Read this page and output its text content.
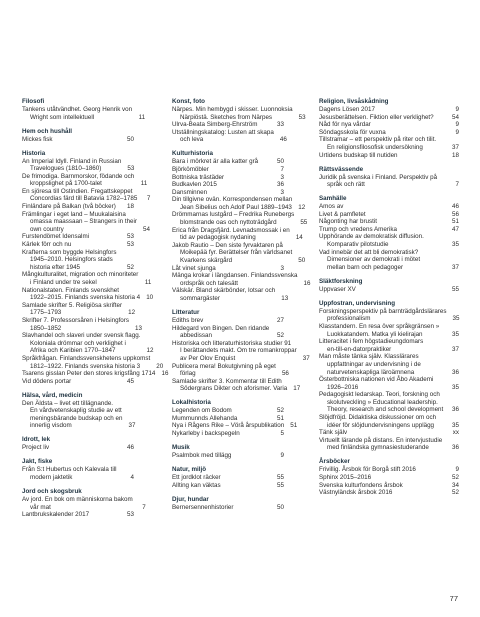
Filosofi
Tankens utåtvändhet. Georg Henrik von
Wright som intellektuell	11
Hem och hushåll
Mickes fisk	50
Historia
An Imperial Idyll. Finland in Russian
Travelogues (1810–1860)	53
De frimodiga. Barnmorskor, födande och
kroppslighet på 1700-talet	11
En sjöresa till Ostindien. Fregattskeppet
Concordias färd till Batavia 1782–1785	7
Finländare på Balkan (två böcker)	18
Främlingar i eget land – Muukalaisina
omassa maassaan – Strangers in their
own country	54
Furstendömet Idensalmi	53
Kärlek förr och nu	53
Krafterna som byggde Helsingfors
1945–2010. Helsingfors stads
historia efter 1945	52
Mångkulturalitet, migration och minoriteter
i Finland under tre sekel	11
Nationalstaten. Finlands svenskhet
1922–2015. Finlands svenska historia 4 10
Samlade skrifter 5. Religiösa skrifter
1775–1793	12
Skrifter 7. Professorsåren i Helsingfors
1850–1852	13
Slavhandel och slaveri under svensk flagg.
Koloniala drömmar och verklighet i
Afrika och Karibien 1770–1847	12
Språkfrågan. Finlandssvenskhetens uppkomst
1812–1922. Finlands svenska historia 3	20
Tsarens gisslan Peter den stores krigsfång 1714 16
Vid dödens portar	45
Hälsa, vård, medicin
Den Äldsta – livet ett tillägnande.
En vårdvetenskaplig studie av ett
meningsbärande budskap och en
innerlig visdom	37
Idrott, lek
Project liv	46
Jakt, fiske
Från S:t Hubertus och Kalevala till
modern jaktetik	4
Jord och skogsbruk
Av jord. En bok om människorna bakom
vår mat	7
Lantbrukskalender 2017	53
Konst, foto
Närpes. Min hembygd i skisser. Luonnoksia
Närpiöstä. Sketches from Närpes	53
Ulrva-Beata Simberg-Ehrström	33
Utställningskatalog: Lusten att skapa
och leva	46
Kulturhistoria
Bara i mörkret är alla katter grå	50
Björkömöbler	7
Bottniska trästäder	3
Budkavlen 2015	36
Dansminnen	3
Din tillgivne ovän. Korrespondensen mellan
Jean Sibelius och Adolf Paul 1889–1943	12
Drömmarnas lustgård – Fredrika Runebergs
blomstrande oas och nyttoträdgård	55
Erica från Dragsfjärd. Levnadsmossak i en
tid av pedagogisk nydaning	14
Jakob Rautio – Den siste fyrvaktaren på
Moikepää fyr. Berättelser från världsanet
Kvarkens skärgård	50
Låt vinet sjunga	3
Mänga krokar i längdansen. Finlandssvenska
ordspråk och talesätt	16
Välskär. Bland skärbönder, lotsar och
sommargäster	13
Litteratur
Ediths brev	27
Hildegard von Bingen. Den ridande
abbedissan	52
Historiska och litteraturhistoriska studier 91
I berättandets makt. Om tre romankroppar
av Per Olov Enquist	37
Publicera mera! Bokutgivning på eget
förlag	56
Samlade skrifter 3. Kommentar till Edith
Södergrans Dikter och aforismer. Varia 17
Lokalhistoria
Legenden om Bodom	52
Mummunnds Allehanda	51
Nya i Rågens Rike – Vörå årspublikation 51
Nykarleby i backspegeln	5
Musik
Psalmbok med tillägg	9
Natur, miljö
Ett jordklot räcker	55
Allting kan väktas	55
Djur, hundar
Bernersennenhistorier	50
Religion, livsåskådning
Dagens Lösen 2017	9
Jesusberättelsen. Fiktion eller verklighet?	54
Nåd för nya vårdar	9
Söndagsskola för vuxna	9
Tillstramar – ett perspektiv på riter och tilit.
En religionsfilosofisk undersökning	37
Urtidens budskap till nutiden	18
Rättsvässende
Juridik på svenska i Finland. Perspektiv på
språk och rätt	7
Samhälle
Amos av	46
Livet & pamfletet	56
Någonting har brustit	51
Trump och vredens Amerika	47
Upphörande av demokratisk diffusion.
Komparativ pilotstudie	35
Vad innebär det att bli demokratisk?
Dimensioner av demokrati i mötet
mellan barn och pedagoger	37
Släktforskning
Uppvaser XV	55
Uppfostran, undervisning
Forskningsperspektiv på barnträdgårdslärares
professionalism	35
Klasstandern. En resa över språkgränsen »
Luokkatandem. Matka yli kielirajan	35
Litteracitet i fem högstadieungdomars
en-till-en-datorpraktiker	37
Man måste tänka själv. Klasslärares
uppfattningar av undervisning i de
naturvetenskapliga läroämnena	36
Österbottniska nationen vid Åbo Akademi
1926–2016	35
Pedagogiskt ledarskap. Teori, forskning och
skolutveckling » Educational leadership.
Theory, research and school development	36
Slöjdfröjd. Didaktiska diskussioner om och
idéer för slöjdundervisningens upplägg	35
Tänk själv	xx
Virtuellt lärande på distans. En intervjustudie
med finländska gymnasiestuderande	36
Årsböcker
Frivillig. Årsbok för Borgå stift 2016	9
Sphinx 2015–2016	52
Svenska kulturfondens årsbok	34
Västnyländsk årsbok 2016	52
77
